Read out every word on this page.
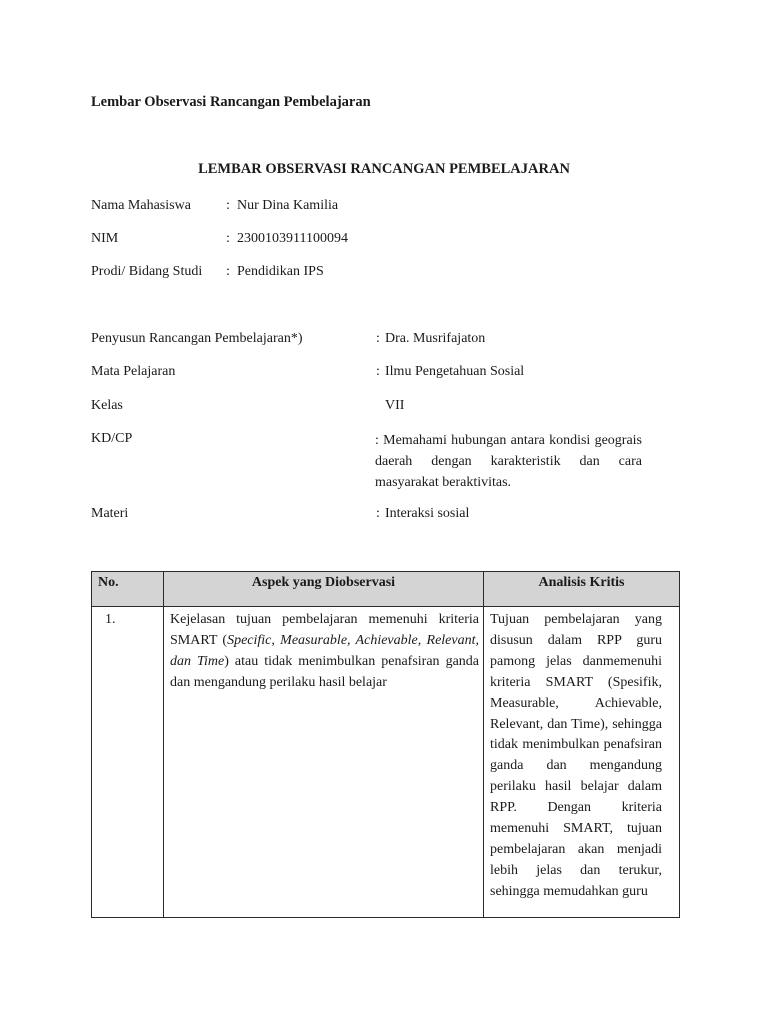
Lembar Observasi Rancangan Pembelajaran
LEMBAR OBSERVASI RANCANGAN PEMBELAJARAN
Nama Mahasiswa	: Nur Dina Kamilia
NIM	: 2300103911100094
Prodi/ Bidang Studi : Pendidikan IPS
Penyusun Rancangan Pembelajaran*)	: Dra. Musrifajaton
Mata Pelajaran	: Ilmu Pengetahuan Sosial
Kelas	VII
KD/CP	: Memahami hubungan antara kondisi geograis daerah dengan karakteristik dan cara masyarakat beraktivitas.
Materi	: Interaksi sosial
No.	Aspek yang Diobservasi	Analisis Kritis
1.	Kejelasan tujuan pembelajaran memenuhi kriteria SMART (Specific, Measurable, Achievable, Relevant, dan Time) atau tidak menimbulkan penafsiran ganda dan mengandung perilaku hasil belajar	Tujuan pembelajaran yang disusun dalam RPP guru pamong jelas danmemenuhi kriteria SMART (Spesifik, Measurable, Achievable, Relevant, dan Time), sehingga tidak menimbulkan penafsiran ganda dan mengandung perilaku hasil belajar dalam RPP. Dengan kriteria memenuhi SMART, tujuan pembelajaran akan menjadi lebih jelas dan terukur, sehingga memudahkan guru
